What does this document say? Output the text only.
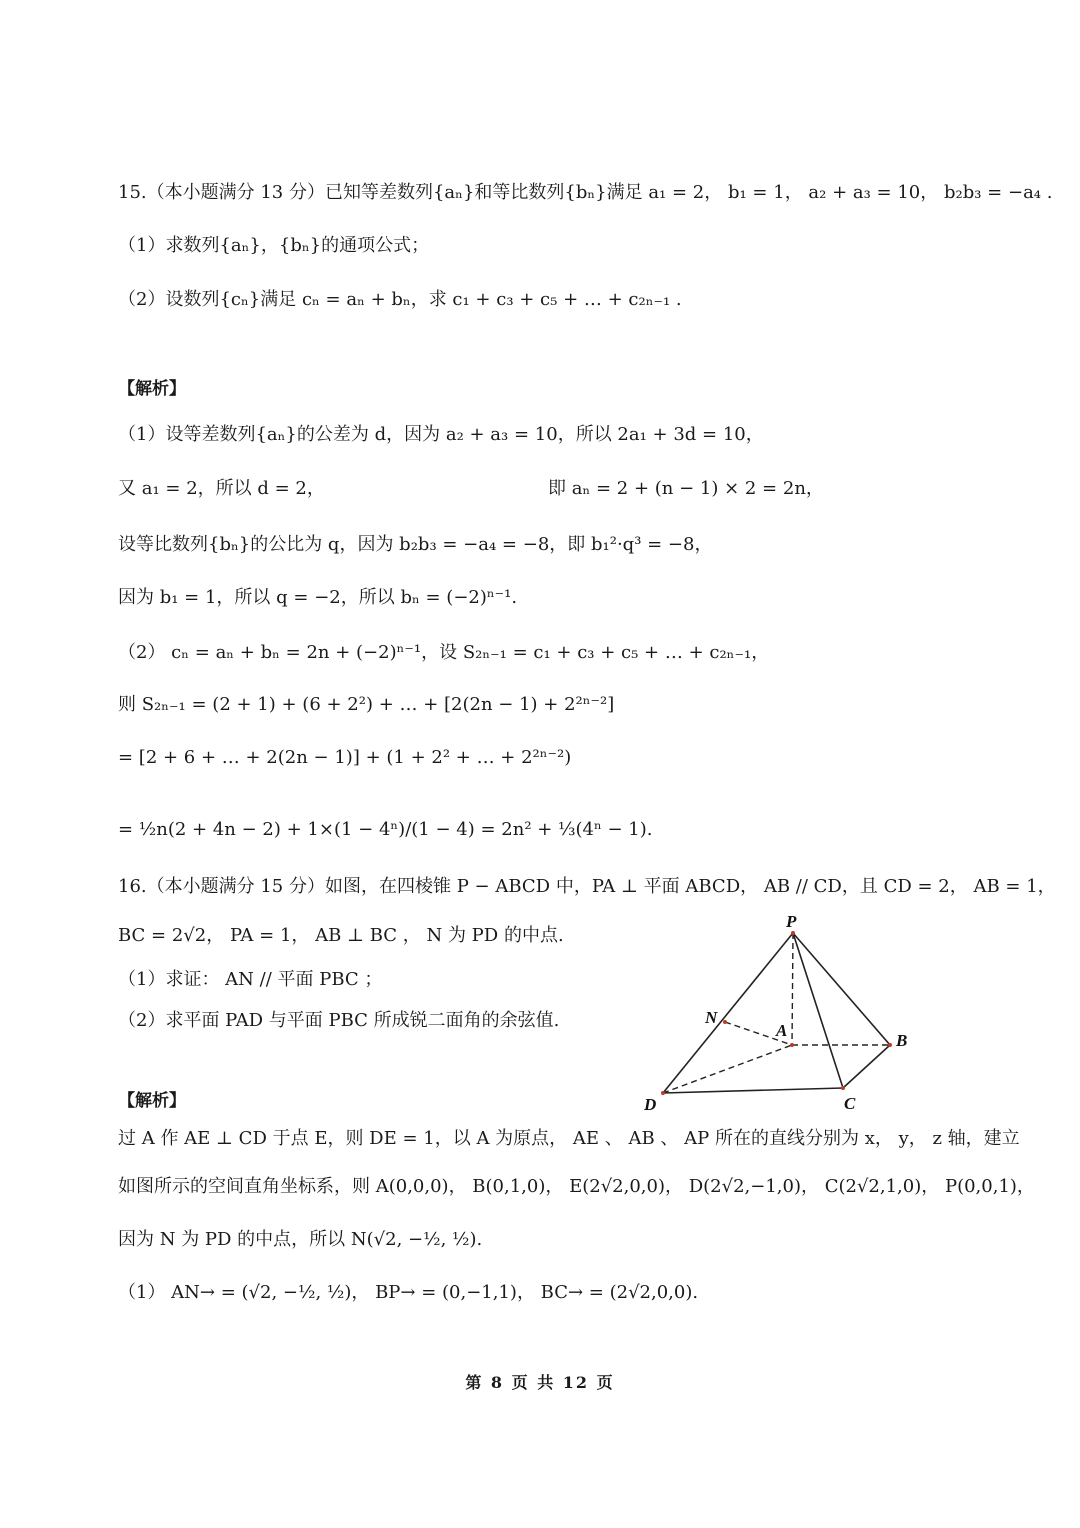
15.（本小题满分 13 分）已知等差数列{aₙ}和等比数列{bₙ}满足 a₁ = 2， b₁ = 1， a₂ + a₃ = 10， b₂b₃ = −a₄ .
（1）求数列{aₙ}，{bₙ}的通项公式；
（2）设数列{cₙ}满足 cₙ = aₙ + bₙ，求 c₁ + c₃ + c₅ + … + c₂ₙ₋₁ .
【解析】
（1）设等差数列{aₙ}的公差为 d，因为 a₂ + a₃ = 10，所以 2a₁ + 3d = 10，
又 a₁ = 2，所以 d = 2，	即 aₙ = 2 + (n − 1) × 2 = 2n，
设等比数列{bₙ}的公比为 q，因为 b₂b₃ = −a₄ = −8，即 b₁²·q³ = −8，
因为 b₁ = 1，所以 q = −2，所以 bₙ = (−2)ⁿ⁻¹.
（2） cₙ = aₙ + bₙ = 2n + (−2)ⁿ⁻¹，设 S₂ₙ₋₁ = c₁ + c₃ + c₅ + … + c₂ₙ₋₁，
则 S₂ₙ₋₁ = (2 + 1) + (6 + 2²) + … + [2(2n − 1) + 2²ⁿ⁻²]
= [2 + 6 + … + 2(2n − 1)] + (1 + 2² + … + 2²ⁿ⁻²)
= ½n(2 + 4n − 2) + 1×(1 − 4ⁿ)/(1 − 4) = 2n² + ⅓(4ⁿ − 1).
16.（本小题满分 15 分）如图，在四棱锥 P − ABCD 中，PA ⊥ 平面 ABCD， AB // CD，且 CD = 2， AB = 1，
BC = 2√2， PA = 1， AB ⊥ BC ， N 为 PD 的中点.
（1）求证： AN // 平面 PBC ；
（2）求平面 PAD 与平面 PBC 所成锐二面角的余弦值.
P
N
A
B
C
D
【解析】
过 A 作 AE ⊥ CD 于点 E，则 DE = 1，以 A 为原点， AE 、 AB 、 AP 所在的直线分别为 x， y， z 轴，建立
如图所示的空间直角坐标系，则 A(0,0,0)， B(0,1,0)， E(2√2,0,0)， D(2√2,−1,0)， C(2√2,1,0)， P(0,0,1)，
因为 N 为 PD 的中点，所以 N(√2, −½, ½).
（1） AN→ = (√2, −½, ½)， BP→ = (0,−1,1)， BC→ = (2√2,0,0).
第 8 页 共 12 页
